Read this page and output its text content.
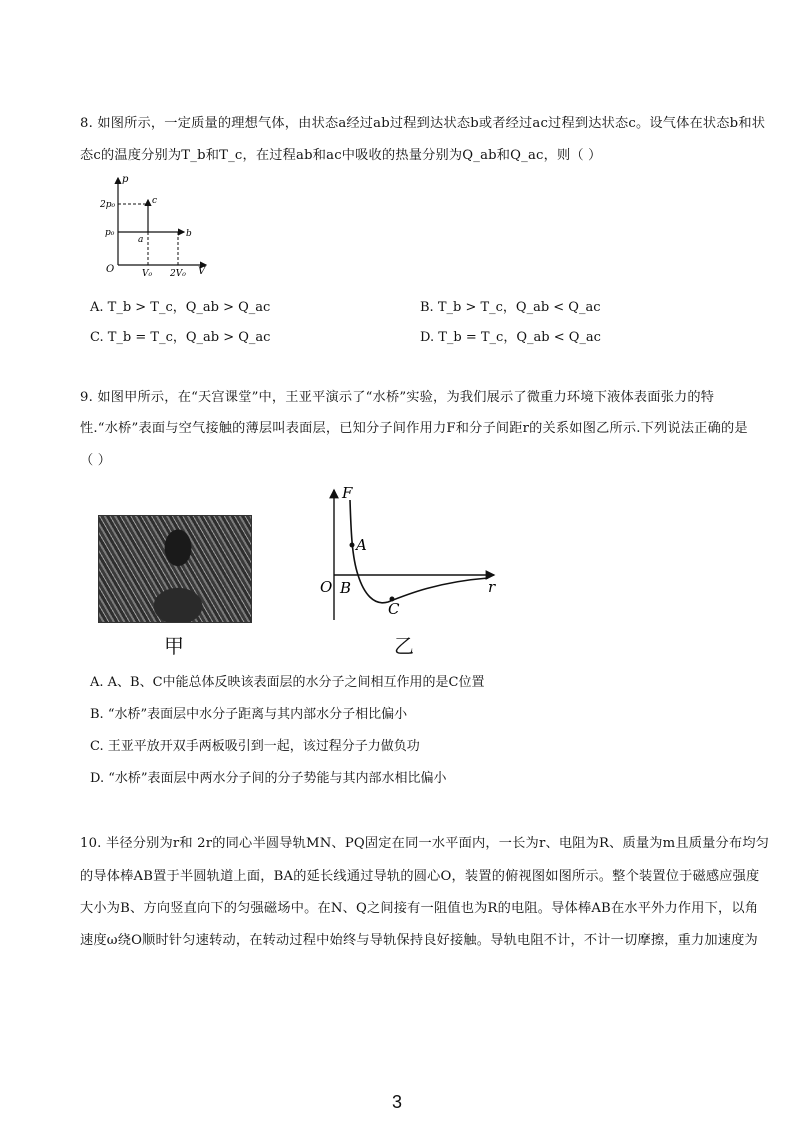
8. 如图所示，一定质量的理想气体，由状态a经过ab过程到达状态b或者经过ac过程到达状态c。设气体在状态b和状
态c的温度分别为T_b和T_c，在过程ab和ac中吸收的热量分别为Q_ab和Q_ac，则（ ）
p
V
O
2p₀
p₀
V₀ 2V₀
a
b
c
A. T_b > T_c，Q_ab > Q_ac	B. T_b > T_c，Q_ab < Q_ac
C. T_b = T_c，Q_ab > Q_ac	D. T_b = T_c，Q_ab < Q_ac
9. 如图甲所示，在“天宫课堂”中，王亚平演示了“水桥”实验，为我们展示了微重力环境下液体表面张力的特
性.“水桥”表面与空气接触的薄层叫表面层，已知分子间作用力F和分子间距r的关系如图乙所示.下列说法正确的是
（ ）
甲
F
r
O
A
B
C
乙
A. A、B、C中能总体反映该表面层的水分子之间相互作用的是C位置
B. “水桥”表面层中水分子距离与其内部水分子相比偏小
C. 王亚平放开双手两板吸引到一起，该过程分子力做负功
D. “水桥”表面层中两水分子间的分子势能与其内部水相比偏小
10. 半径分别为r和 2r的同心半圆导轨MN、PQ固定在同一水平面内，一长为r、电阻为R、质量为m且质量分布均匀
的导体棒AB置于半圆轨道上面，BA的延长线通过导轨的圆心O，装置的俯视图如图所示。整个装置位于磁感应强度
大小为B、方向竖直向下的匀强磁场中。在N、Q之间接有一阻值也为R的电阻。导体棒AB在水平外力作用下，以角
速度ω绕O顺时针匀速转动，在转动过程中始终与导轨保持良好接触。导轨电阻不计，不计一切摩擦，重力加速度为
3
